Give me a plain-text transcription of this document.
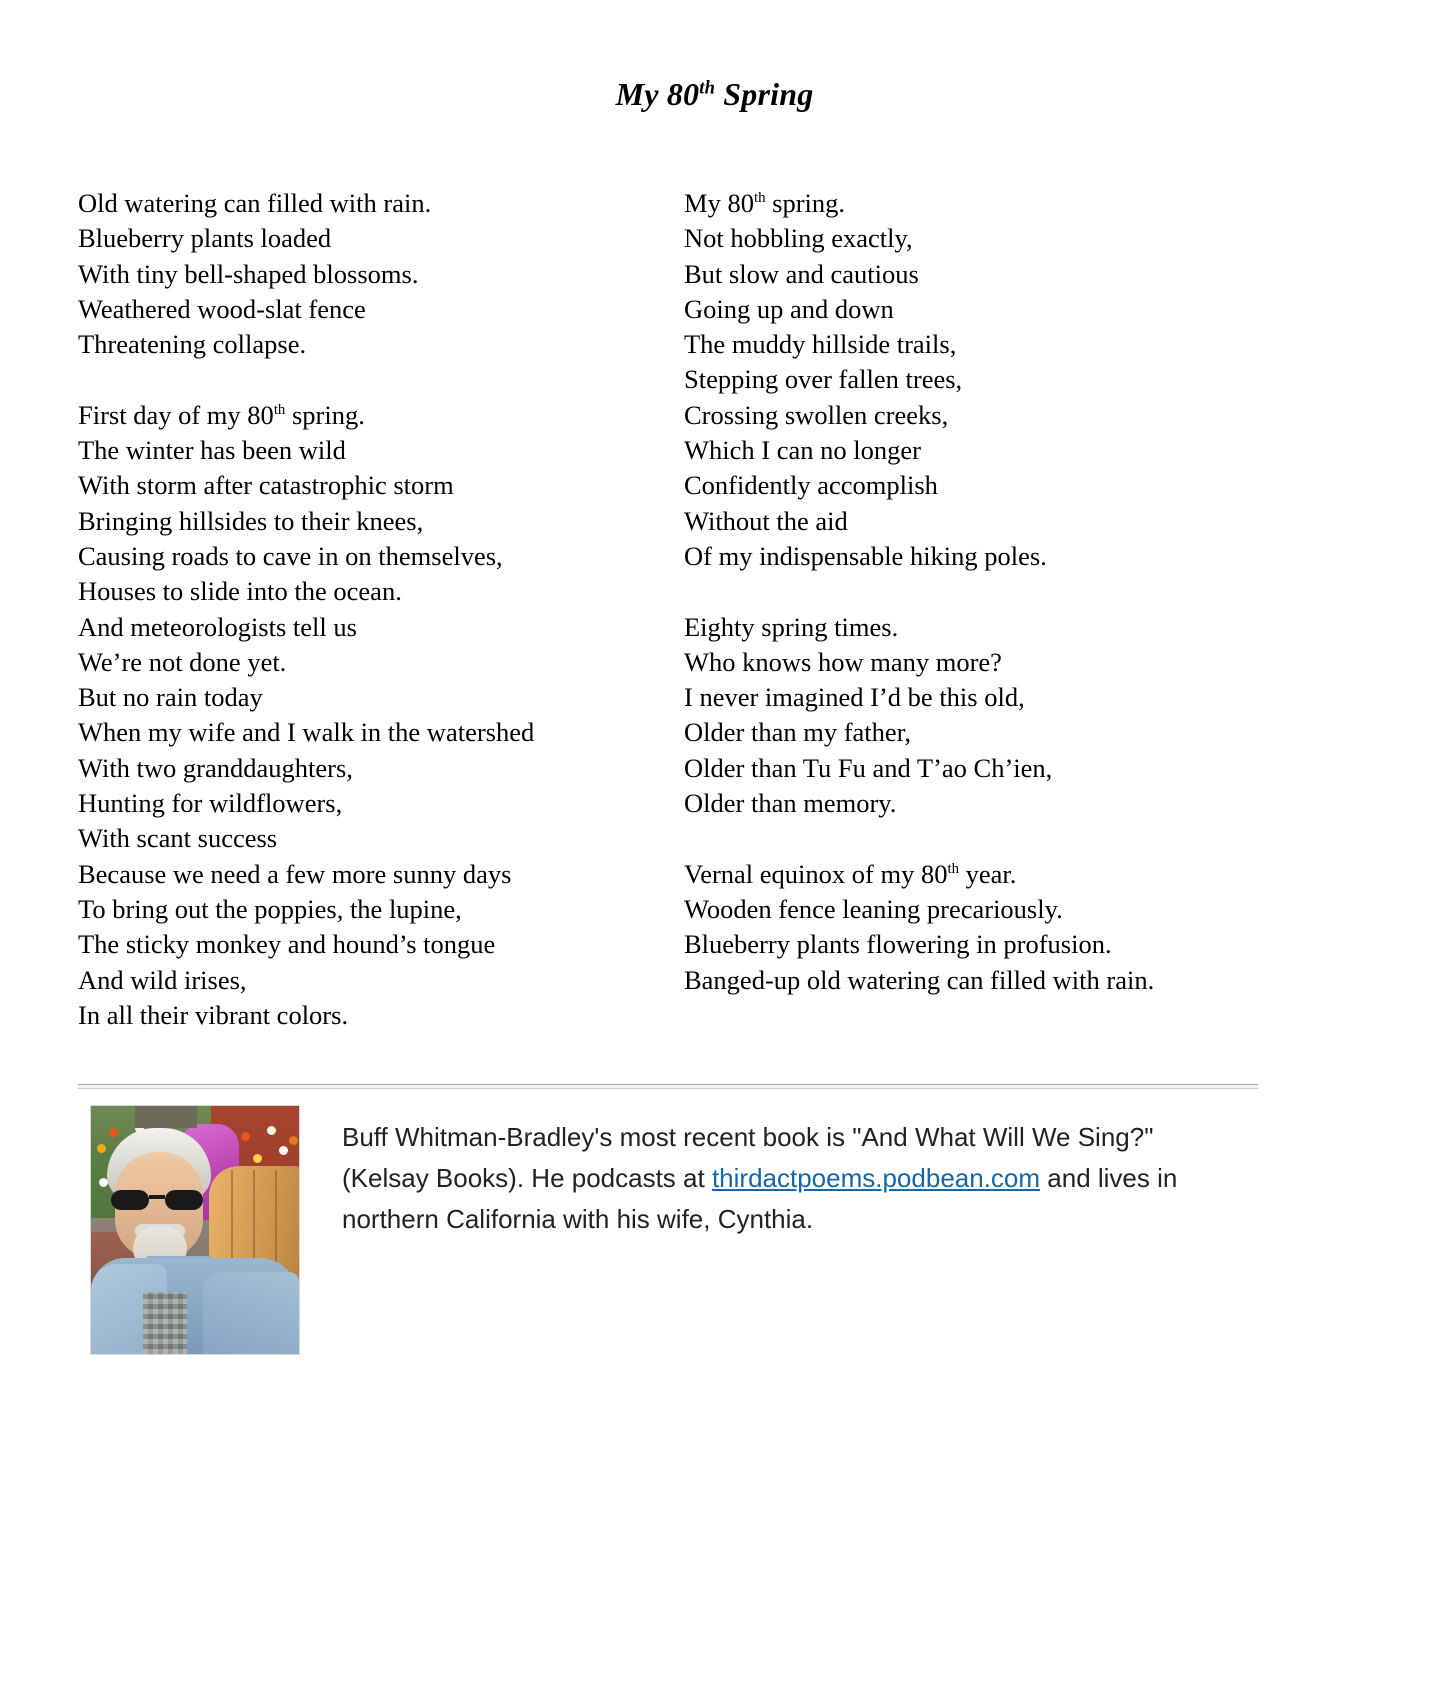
My 80th Spring
Old watering can filled with rain.
Blueberry plants loaded
With tiny bell-shaped blossoms.
Weathered wood-slat fence
Threatening collapse.
First day of my 80th spring.
The winter has been wild
With storm after catastrophic storm
Bringing hillsides to their knees,
Causing roads to cave in on themselves,
Houses to slide into the ocean.
And meteorologists tell us
We’re not done yet.
But no rain today
When my wife and I walk in the watershed
With two granddaughters,
Hunting for wildflowers,
With scant success
Because we need a few more sunny days
To bring out the poppies, the lupine,
The sticky monkey and hound’s tongue
And wild irises,
In all their vibrant colors.
My 80th spring.
Not hobbling exactly,
But slow and cautious
Going up and down
The muddy hillside trails,
Stepping over fallen trees,
Crossing swollen creeks,
Which I can no longer
Confidently accomplish
Without the aid
Of my indispensable hiking poles.
Eighty spring times.
Who knows how many more?
I never imagined I’d be this old,
Older than my father,
Older than Tu Fu and T’ao Ch’ien,
Older than memory.
Vernal equinox of my 80th year.
Wooden fence leaning precariously.
Blueberry plants flowering in profusion.
Banged-up old watering can filled with rain.
Buff Whitman-Bradley's most recent book is "And What Will We Sing?" (Kelsay Books). He podcasts at thirdactpoems.podbean.com and lives in northern California with his wife, Cynthia.
